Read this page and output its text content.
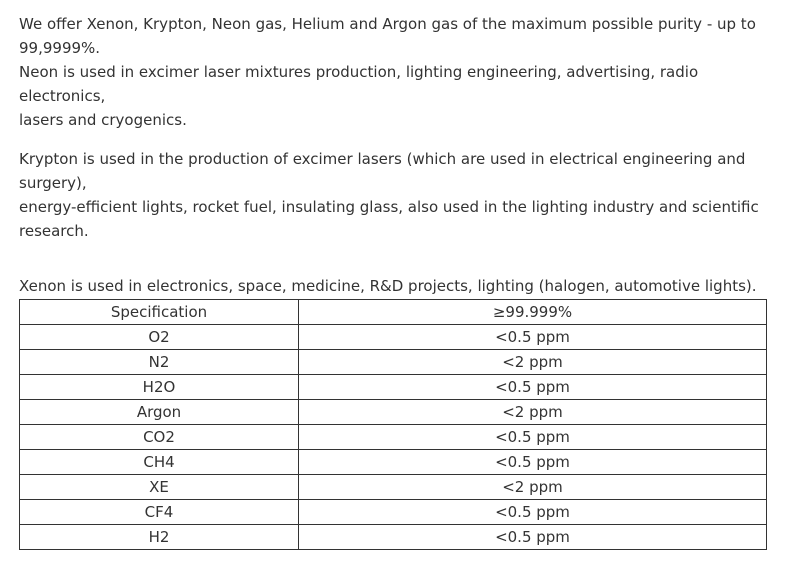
We offer Xenon, Krypton, Neon gas, Helium and Argon gas of the maximum possible purity - up to
99,9999%.
Neon is used in excimer laser mixtures production, lighting engineering, advertising, radio
electronics,
lasers and cryogenics.

Krypton is used in the production of excimer lasers (which are used in electrical engineering and
surgery),
energy-efficient lights, rocket fuel, insulating glass, also used in the lighting industry and scientific
research.

Xenon is used in electronics, space, medicine, R&D projects, lighting (halogen, automotive lights).

Specification	≥99.999%
O2	<0.5 ppm
N2	<2 ppm
H2O	<0.5 ppm
Argon	<2 ppm
CO2	<0.5 ppm
CH4	<0.5 ppm
XE	<2 ppm
CF4	<0.5 ppm
H2	<0.5 ppm
